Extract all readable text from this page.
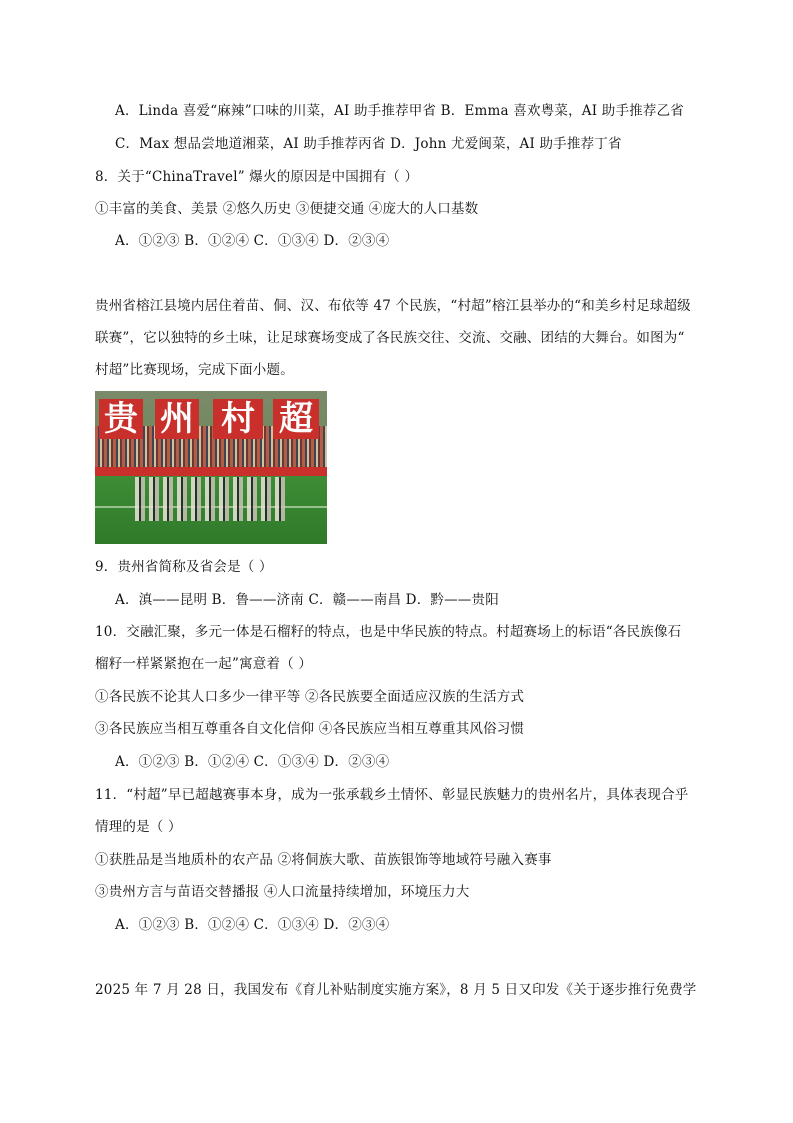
A．Linda 喜爱“麻辣”口味的川菜，AI 助手推荐甲省 B．Emma 喜欢粤菜，AI 助手推荐乙省
C．Max 想品尝地道湘菜，AI 助手推荐丙省 D．John 尤爱闽菜，AI 助手推荐丁省
8．关于“ChinaTravel” 爆火的原因是中国拥有（ ）
①丰富的美食、美景 ②悠久历史 ③便捷交通 ④庞大的人口基数
A．①②③ B．①②④ C．①③④ D．②③④
贵州省榕江县境内居住着苗、侗、汉、布依等 47 个民族，“村超”榕江县举办的“和美乡村足球超级
联赛”，它以独特的乡土味，让足球赛场变成了各民族交往、交流、交融、团结的大舞台。如图为“
村超”比赛现场，完成下面小题。
贵 州 村 超
9．贵州省简称及省会是（ ）
A．滇——昆明 B．鲁——济南 C．赣——南昌 D．黔——贵阳
10．交融汇聚，多元一体是石榴籽的特点，也是中华民族的特点。村超赛场上的标语“各民族像石
榴籽一样紧紧抱在一起”寓意着（ ）
①各民族不论其人口多少一律平等 ②各民族要全面适应汉族的生活方式
③各民族应当相互尊重各自文化信仰 ④各民族应当相互尊重其风俗习惯
A．①②③ B．①②④ C．①③④ D．②③④
11．“村超”早已超越赛事本身，成为一张承载乡土情怀、彰显民族魅力的贵州名片，具体表现合乎
情理的是（ ）
①获胜品是当地质朴的农产品 ②将侗族大歌、苗族银饰等地域符号融入赛事
③贵州方言与苗语交替播报 ④人口流量持续增加，环境压力大
A．①②③ B．①②④ C．①③④ D．②③④
2025 年 7 月 28 日，我国发布《育儿补贴制度实施方案》，8 月 5 日又印发《关于逐步推行免费学
